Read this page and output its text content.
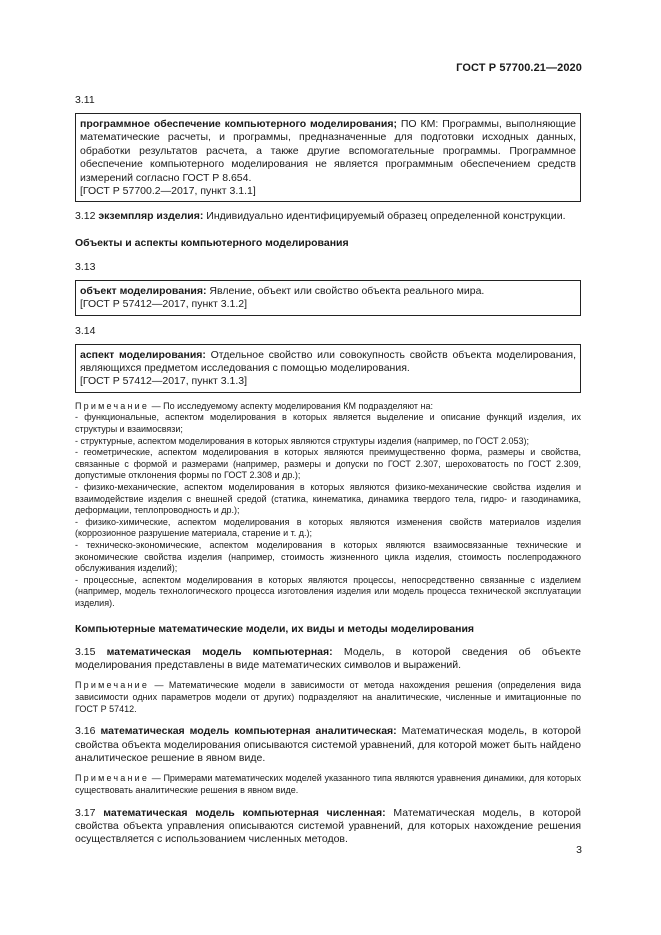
ГОСТ Р 57700.21—2020

3.11

программное обеспечение компьютерного моделирования; ПО КМ: Программы, выполняющие математические расчеты, и программы, предназначенные для подготовки исходных данных, обработки результатов расчета, а также другие вспомогательные программы. Программное обеспечение компьютерного моделирования не является программным обеспечением средств измерений согласно ГОСТ Р 8.654.

[ГОСТ Р 57700.2—2017, пункт 3.1.1]

3.12 экземпляр изделия: Индивидуально идентифицируемый образец определенной конструкции.

Объекты и аспекты компьютерного моделирования

3.13

объект моделирования: Явление, объект или свойство объекта реального мира.

[ГОСТ Р 57412—2017, пункт 3.1.2]

3.14

аспект моделирования: Отдельное свойство или совокупность свойств объекта моделирования, являющихся предметом исследования с помощью моделирования.

[ГОСТ Р 57412—2017, пункт 3.1.3]

Примечание — По исследуемому аспекту моделирования КМ подразделяют на:

- функциональные, аспектом моделирования в которых является выделение и описание функций изделия, их структуры и взаимосвязи;

- структурные, аспектом моделирования в которых являются структуры изделия (например, по ГОСТ 2.053);

- геометрические, аспектом моделирования в которых являются преимущественно форма, размеры и свойства, связанные с формой и размерами (например, размеры и допуски по ГОСТ 2.307, шероховатость по ГОСТ 2.309, допустимые отклонения формы по ГОСТ 2.308 и др.);

- физико-механические, аспектом моделирования в которых являются физико-механические свойства изделия и взаимодействие изделия с внешней средой (статика, кинематика, динамика твердого тела, гидро- и газодинамика, деформации, теплопроводность и др.);

- физико-химические, аспектом моделирования в которых являются изменения свойств материалов изделия (коррозионное разрушение материала, старение и т. д.);

- техническо-экономические, аспектом моделирования в которых являются взаимосвязанные технические и экономические свойства изделия (например, стоимость жизненного цикла изделия, стоимость послепродажного обслуживания изделий);

- процессные, аспектом моделирования в которых являются процессы, непосредственно связанные с изделием (например, модель технологического процесса изготовления изделия или модель процесса технической эксплуатации изделия).

Компьютерные математические модели, их виды и методы моделирования

3.15 математическая модель компьютерная: Модель, в которой сведения об объекте моделирования представлены в виде математических символов и выражений.

Примечание — Математические модели в зависимости от метода нахождения решения (определения вида зависимости одних параметров модели от других) подразделяют на аналитические, численные и имитационные по ГОСТ Р 57412.

3.16 математическая модель компьютерная аналитическая: Математическая модель, в которой свойства объекта моделирования описываются системой уравнений, для которой может быть найдено аналитическое решение в явном виде.

Примечание — Примерами математических моделей указанного типа являются уравнения динамики, для которых существовать аналитические решения в явном виде.

3.17 математическая модель компьютерная численная: Математическая модель, в которой свойства объекта управления описываются системой уравнений, для которых нахождение решения осуществляется с использованием численных методов.

3
